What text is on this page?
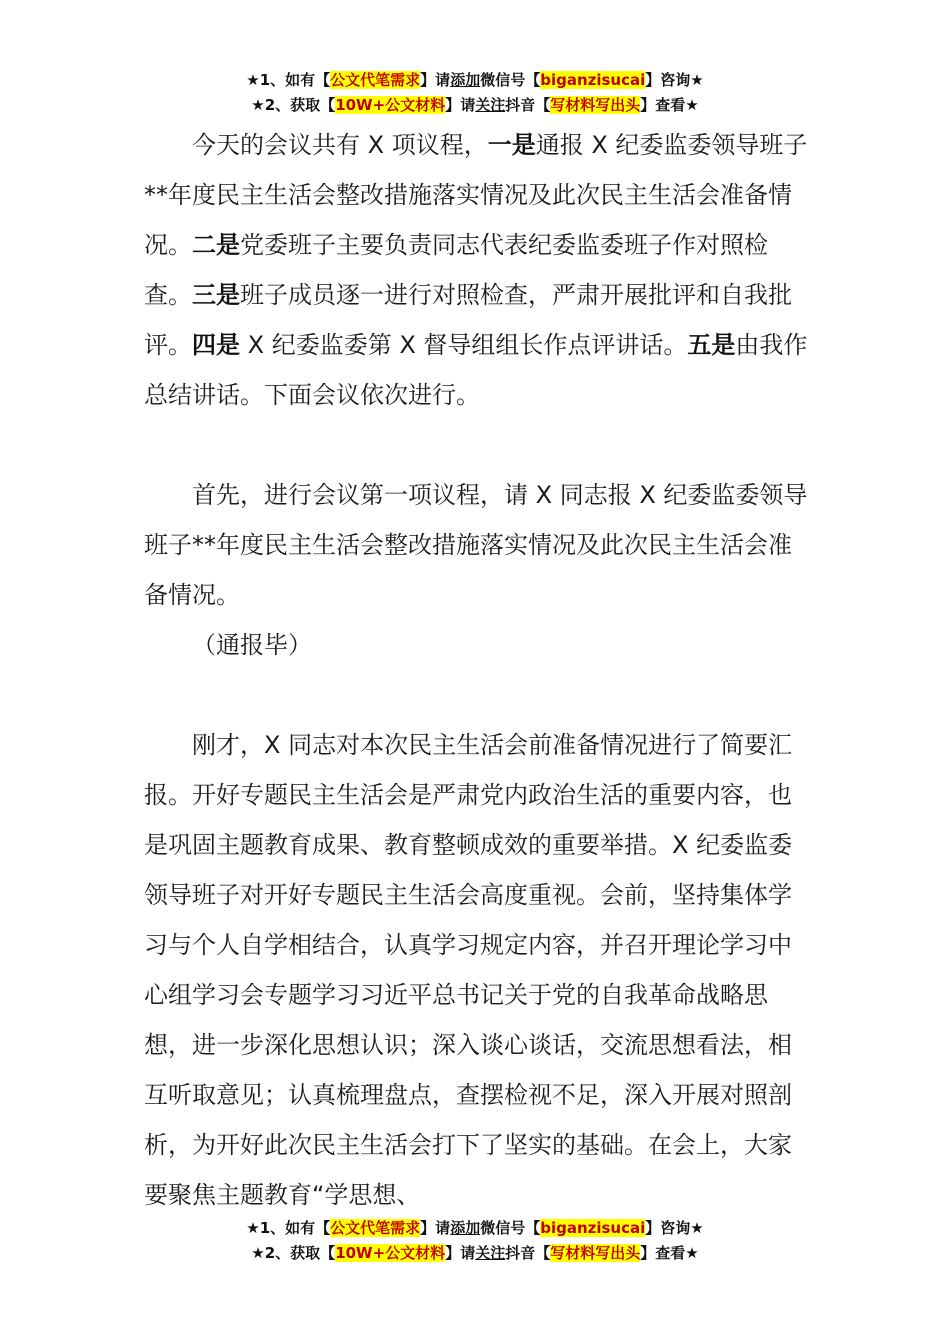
★1、如有【公文代笔需求】请添加微信号【biganzisucai】咨询★
★2、获取【10W+公文材料】请关注抖音【写材料写出头】查看★

今天的会议共有 X 项议程，一是通报 X 纪委监委领导班子**年度民主生活会整改措施落实情况及此次民主生活会准备情况。二是党委班子主要负责同志代表纪委监委班子作对照检查。三是班子成员逐一进行对照检查，严肃开展批评和自我批评。四是 X 纪委监委第 X 督导组组长作点评讲话。五是由我作总结讲话。下面会议依次进行。

首先，进行会议第一项议程，请 X 同志报 X 纪委监委领导班子**年度民主生活会整改措施落实情况及此次民主生活会准备情况。

（通报毕）

刚才，X 同志对本次民主生活会前准备情况进行了简要汇报。开好专题民主生活会是严肃党内政治生活的重要内容，也是巩固主题教育成果、教育整顿成效的重要举措。X 纪委监委领导班子对开好专题民主生活会高度重视。会前，坚持集体学习与个人自学相结合，认真学习规定内容，并召开理论学习中心组学习会专题学习习近平总书记关于党的自我革命战略思想，进一步深化思想认识；深入谈心谈话，交流思想看法，相互听取意见；认真梳理盘点，查摆检视不足，深入开展对照剖析，为开好此次民主生活会打下了坚实的基础。在会上，大家要聚焦主题教育“学思想、

★1、如有【公文代笔需求】请添加微信号【biganzisucai】咨询★
★2、获取【10W+公文材料】请关注抖音【写材料写出头】查看★
